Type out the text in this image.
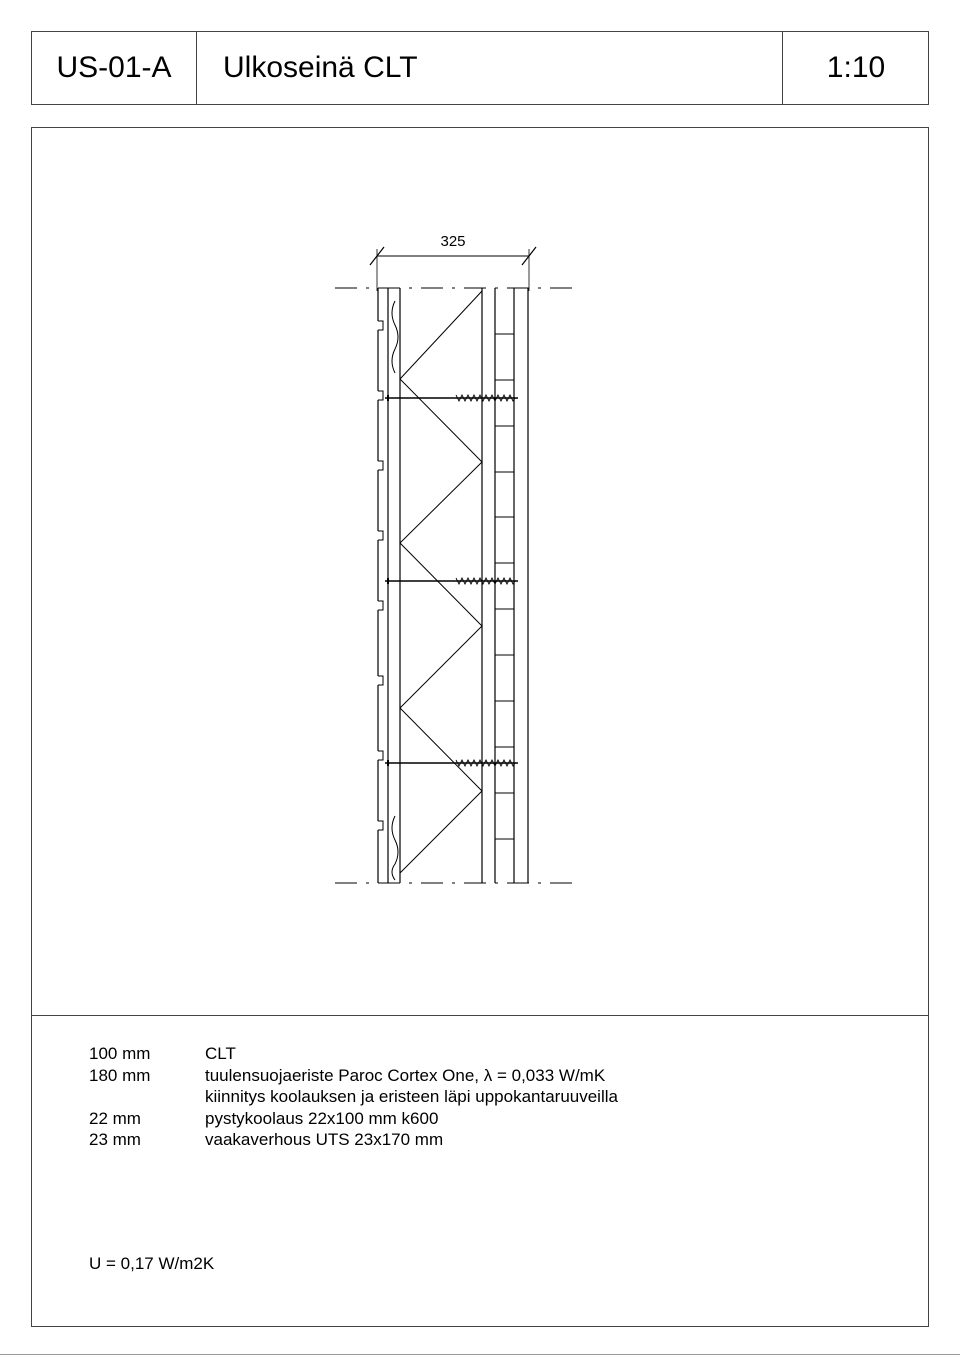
US-01-A	Ulkoseinä CLT	1:10
325
100 mm	CLT
180 mm	tuulensuojaeriste Paroc Cortex One, λ = 0,033 W/mK
kiinnitys koolauksen ja eristeen läpi uppokantaruuveilla
22 mm	pystykoolaus 22x100 mm k600
23 mm	vaakaverhous UTS 23x170 mm
U = 0,17 W/m2K
